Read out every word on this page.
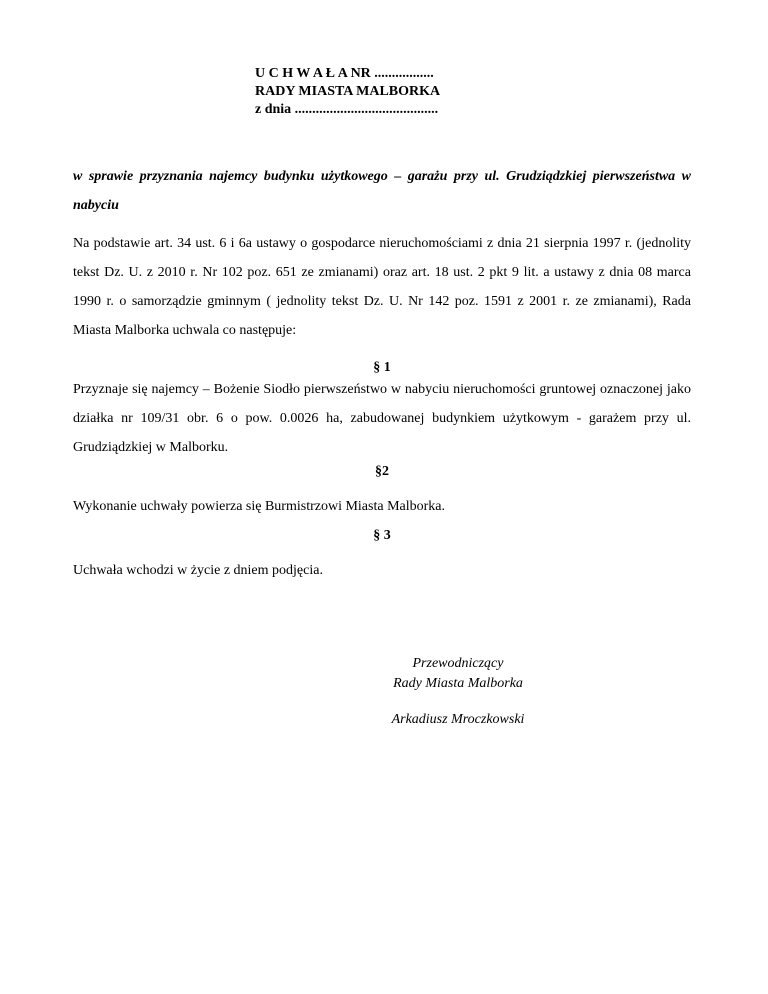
U C H W A Ł A NR .................
RADY MIASTA MALBORKA
z dnia .........................................
w sprawie przyznania najemcy budynku użytkowego – garażu przy ul. Grudziądzkiej pierwszeństwa w nabyciu
Na podstawie art. 34 ust. 6 i 6a ustawy o gospodarce nieruchomościami z dnia 21 sierpnia 1997 r. (jednolity tekst Dz. U. z 2010 r. Nr 102 poz. 651 ze zmianami) oraz art. 18 ust. 2 pkt 9 lit. a ustawy z dnia 08 marca 1990 r. o samorządzie gminnym ( jednolity tekst Dz. U. Nr 142 poz. 1591 z 2001 r. ze zmianami), Rada Miasta Malborka uchwala co następuje:
§ 1
Przyznaje się najemcy – Bożenie Siodło pierwszeństwo w nabyciu nieruchomości gruntowej oznaczonej jako działka nr 109/31 obr. 6 o pow. 0.0026 ha, zabudowanej budynkiem użytkowym - garażem przy ul. Grudziądzkiej w Malborku.
§2
Wykonanie uchwały powierza się Burmistrzowi Miasta Malborka.
§ 3
Uchwała wchodzi w życie z dniem podjęcia.
Przewodniczący
Rady Miasta Malborka
Arkadiusz Mroczkowski
